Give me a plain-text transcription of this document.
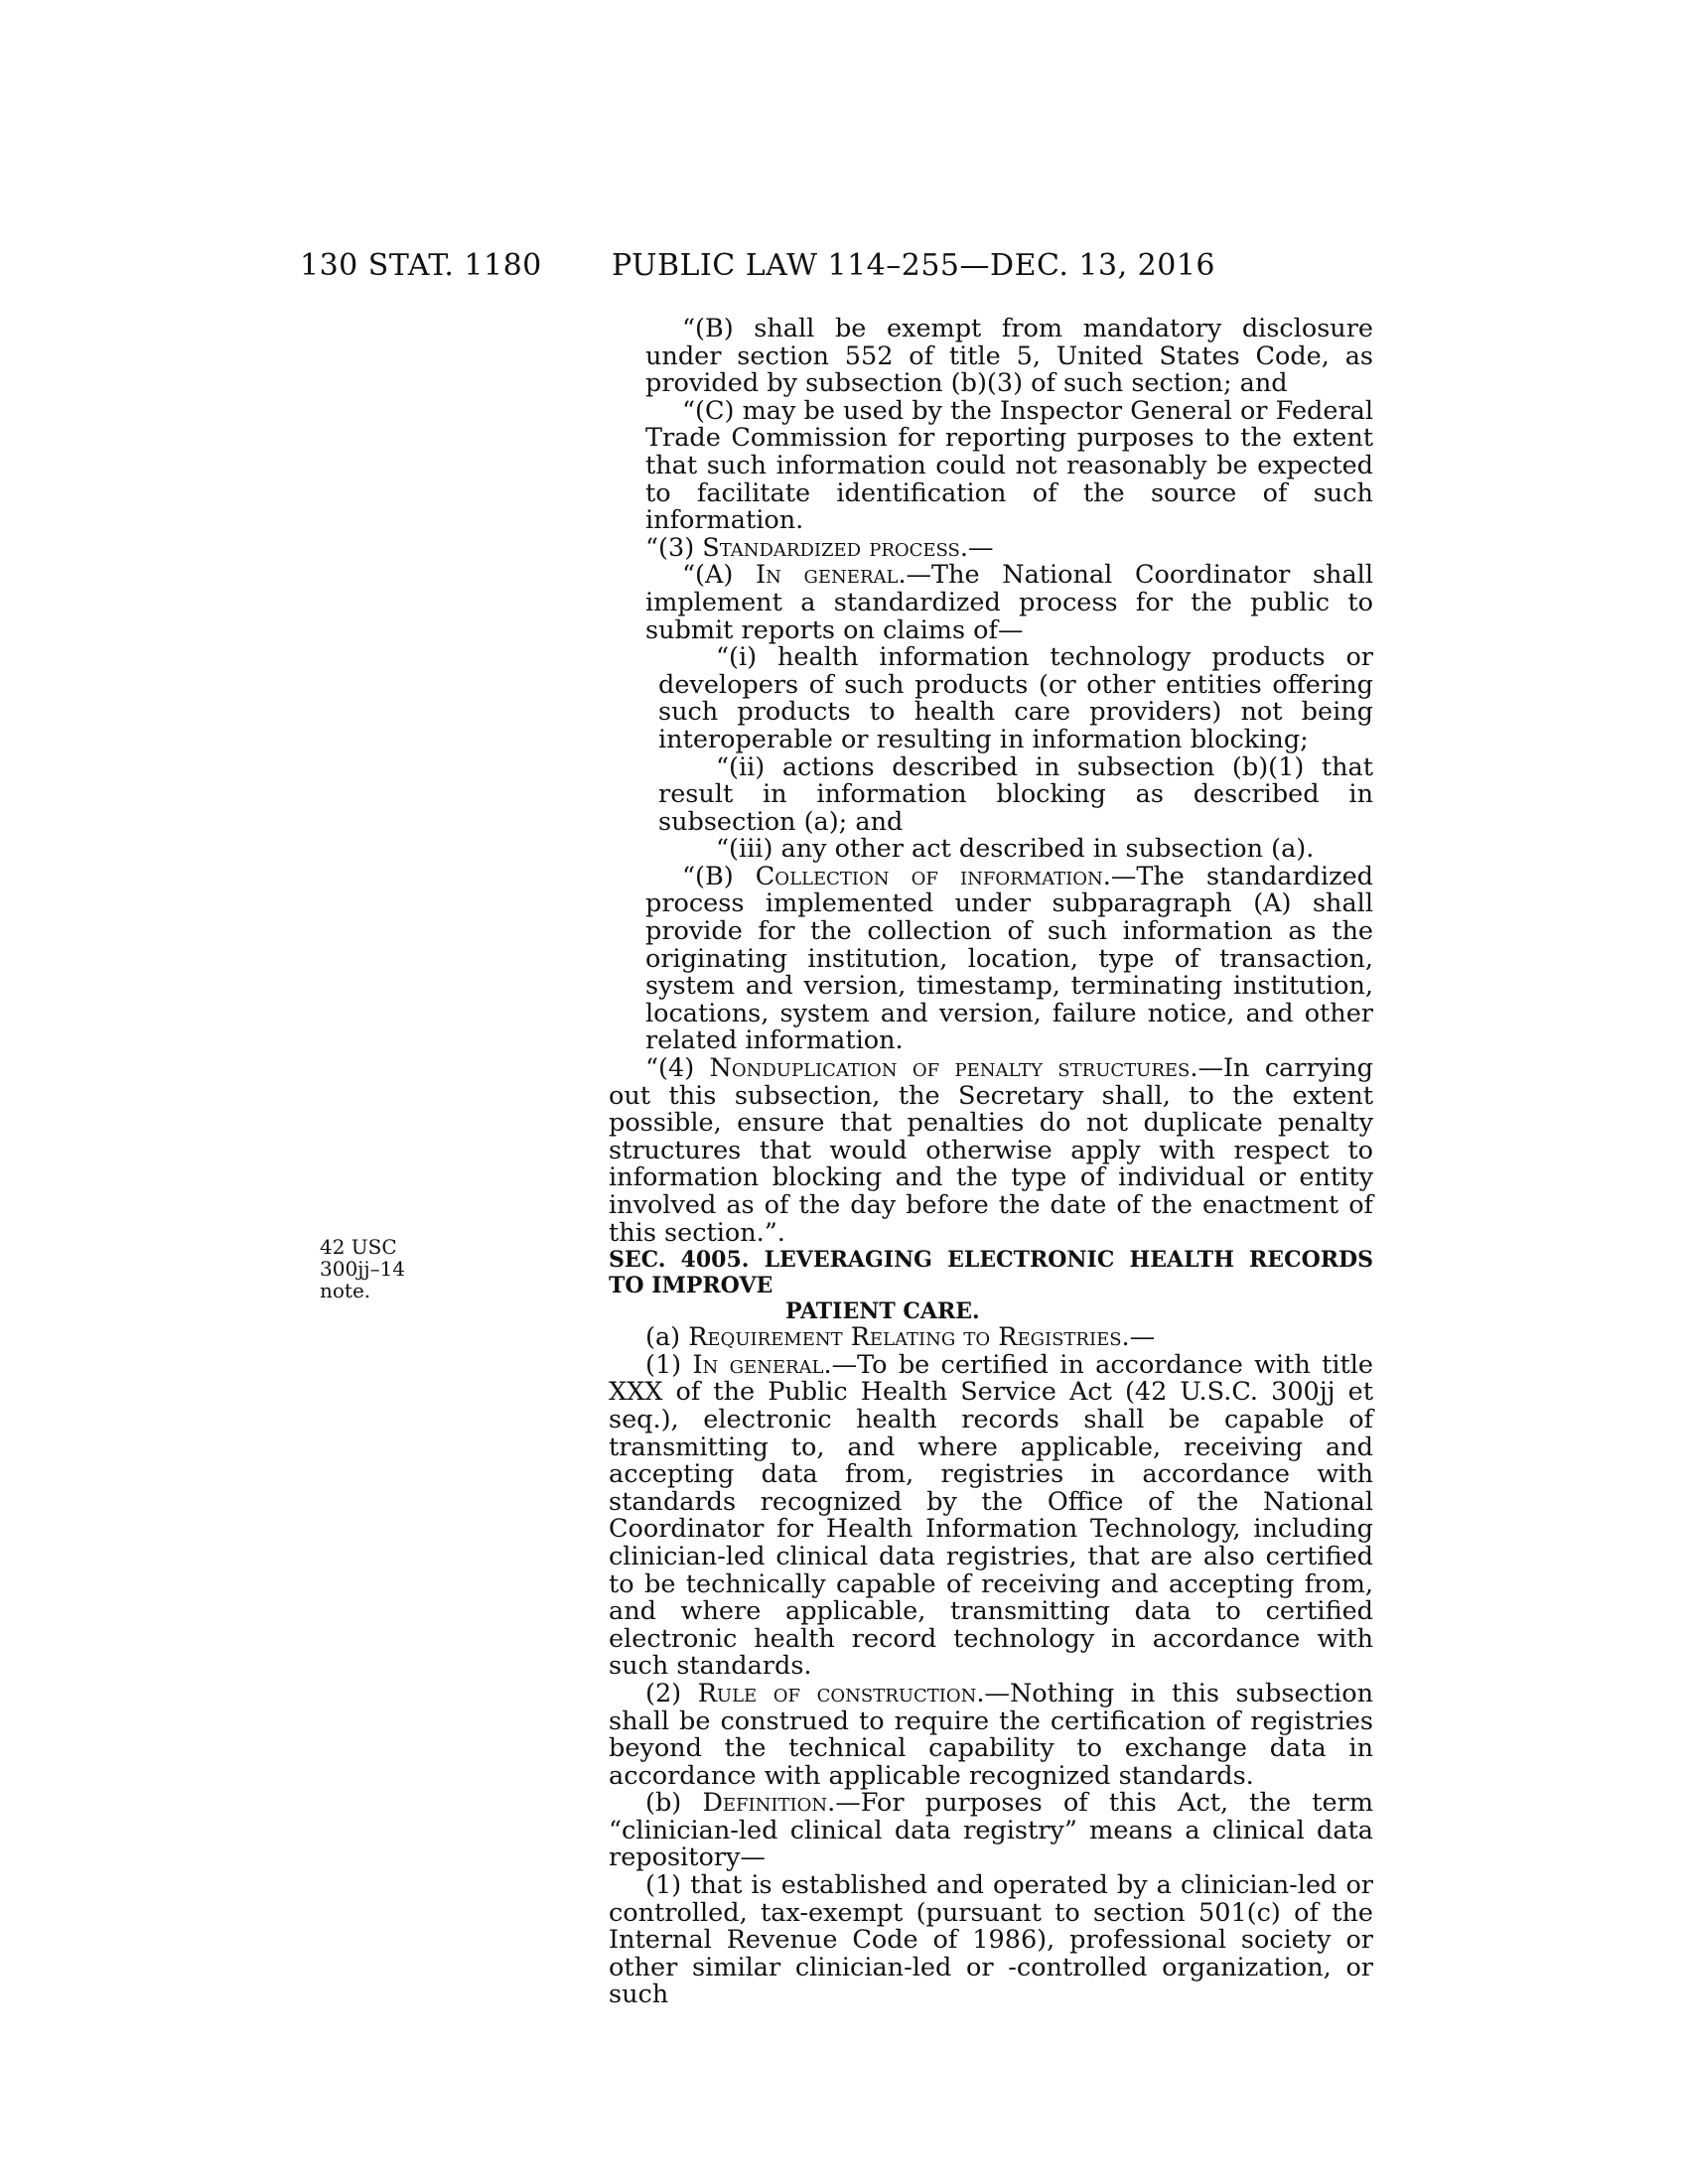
130 STAT. 1180 PUBLIC LAW 114–255—DEC. 13, 2016
42 USC 300jj–14
note.

“(B) shall be exempt from mandatory disclosure under section 552 of title 5, United States Code, as provided by subsection (b)(3) of such section; and

“(C) may be used by the Inspector General or Federal Trade Commission for reporting purposes to the extent that such information could not reasonably be expected to facilitate identification of the source of such information.

“(3) Standardized process.—

“(A) In general.—The National Coordinator shall implement a standardized process for the public to submit reports on claims of—

“(i) health information technology products or developers of such products (or other entities offering such products to health care providers) not being interoperable or resulting in information blocking;

“(ii) actions described in subsection (b)(1) that result in information blocking as described in subsection (a); and

“(iii) any other act described in subsection (a).

“(B) Collection of information.—The standardized process implemented under subparagraph (A) shall provide for the collection of such information as the originating institution, location, type of transaction, system and version, timestamp, terminating institution, locations, system and version, failure notice, and other related information.

“(4) Nonduplication of penalty structures.—In carrying out this subsection, the Secretary shall, to the extent possible, ensure that penalties do not duplicate penalty structures that would otherwise apply with respect to information blocking and the type of individual or entity involved as of the day before the date of the enactment of this section.”.

SEC. 4005. LEVERAGING ELECTRONIC HEALTH RECORDS TO IMPROVE
PATIENT CARE.

(a) Requirement Relating to Registries.—

(1) In general.—To be certified in accordance with title XXX of the Public Health Service Act (42 U.S.C. 300jj et seq.), electronic health records shall be capable of transmitting to, and where applicable, receiving and accepting data from, registries in accordance with standards recognized by the Office of the National Coordinator for Health Information Technology, including clinician-led clinical data registries, that are also certified to be technically capable of receiving and accepting from, and where applicable, transmitting data to certified electronic health record technology in accordance with such standards.

(2) Rule of construction.—Nothing in this subsection shall be construed to require the certification of registries beyond the technical capability to exchange data in accordance with applicable recognized standards.

(b) Definition.—For purposes of this Act, the term “clinician-led clinical data registry” means a clinical data repository—

(1) that is established and operated by a clinician-led or controlled, tax-exempt (pursuant to section 501(c) of the Internal Revenue Code of 1986), professional society or other similar clinician-led or -controlled organization, or such
